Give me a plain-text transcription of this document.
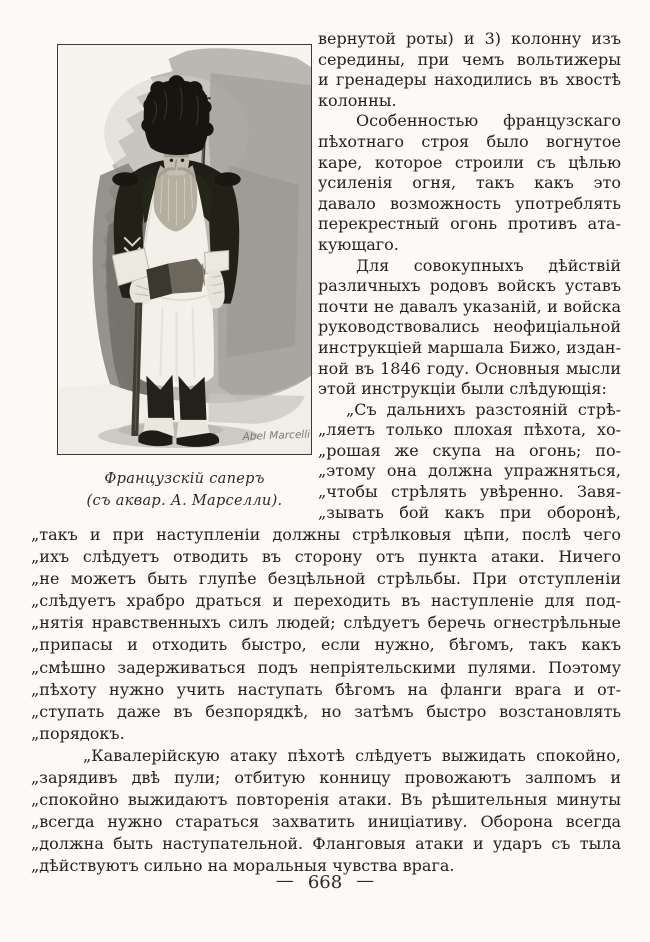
Abel Marcelli
Французскій саперъ
(съ аквар. А. Марселли).
вернутой роты) и 3) колонну изъ
середины, при чемъ вольтижеры
и гренадеры находились въ хвостѣ
колонны.
Особенностью французскаго
пѣхотнаго строя было вогнутое
каре, которое строили съ цѣлью
усиленія огня, такъ какъ это
давало возможность употреблять
перекрестный огонь противъ ата-
кующаго.
Для совокупныхъ дѣйствій
различныхъ родовъ войскъ уставъ
почти не давалъ указаній, и войска
руководствовались неофиціальной
инструкціей маршала Бижо, издан-
ной въ 1846 году. Основныя мысли
этой инструкціи были слѣдующія:
„Съ дальнихъ разстояній стрѣ-
„ляетъ только плохая пѣхота, хо-
„рошая же скупа на огонь; по-
„этому она должна упражняться,
„чтобы стрѣлять увѣренно. Завя-
„зывать бой какъ при оборонѣ,
„такъ и при наступленіи должны стрѣлковыя цѣпи, послѣ чего
„ихъ слѣдуетъ отводить въ сторону отъ пункта атаки. Ничего
„не можетъ быть глупѣе безцѣльной стрѣльбы. При отступленіи
„слѣдуетъ храбро драться и переходить въ наступленіе для под-
„нятія нравственныхъ силъ людей; слѣдуетъ беречь огнестрѣльные
„припасы и отходить быстро, если нужно, бѣгомъ, такъ какъ
„смѣшно задерживаться подъ непріятельскими пулями. Поэтому
„пѣхоту нужно учить наступать бѣгомъ на фланги врага и от-
„ступать даже въ безпорядкѣ, но затѣмъ быстро возстановлять
„порядокъ.
„Кавалерійскую атаку пѣхотѣ слѣдуетъ выжидать спокойно,
„зарядивъ двѣ пули; отбитую конницу провожаютъ залпомъ и
„спокойно выжидаютъ повторенія атаки. Въ рѣшительныя минуты
„всегда нужно стараться захватить иниціативу. Оборона всегда
„должна быть наступательной. Фланговыя атаки и ударъ съ тыла
„дѣйствуютъ сильно на моральныя чувства врага.
— 668 —
